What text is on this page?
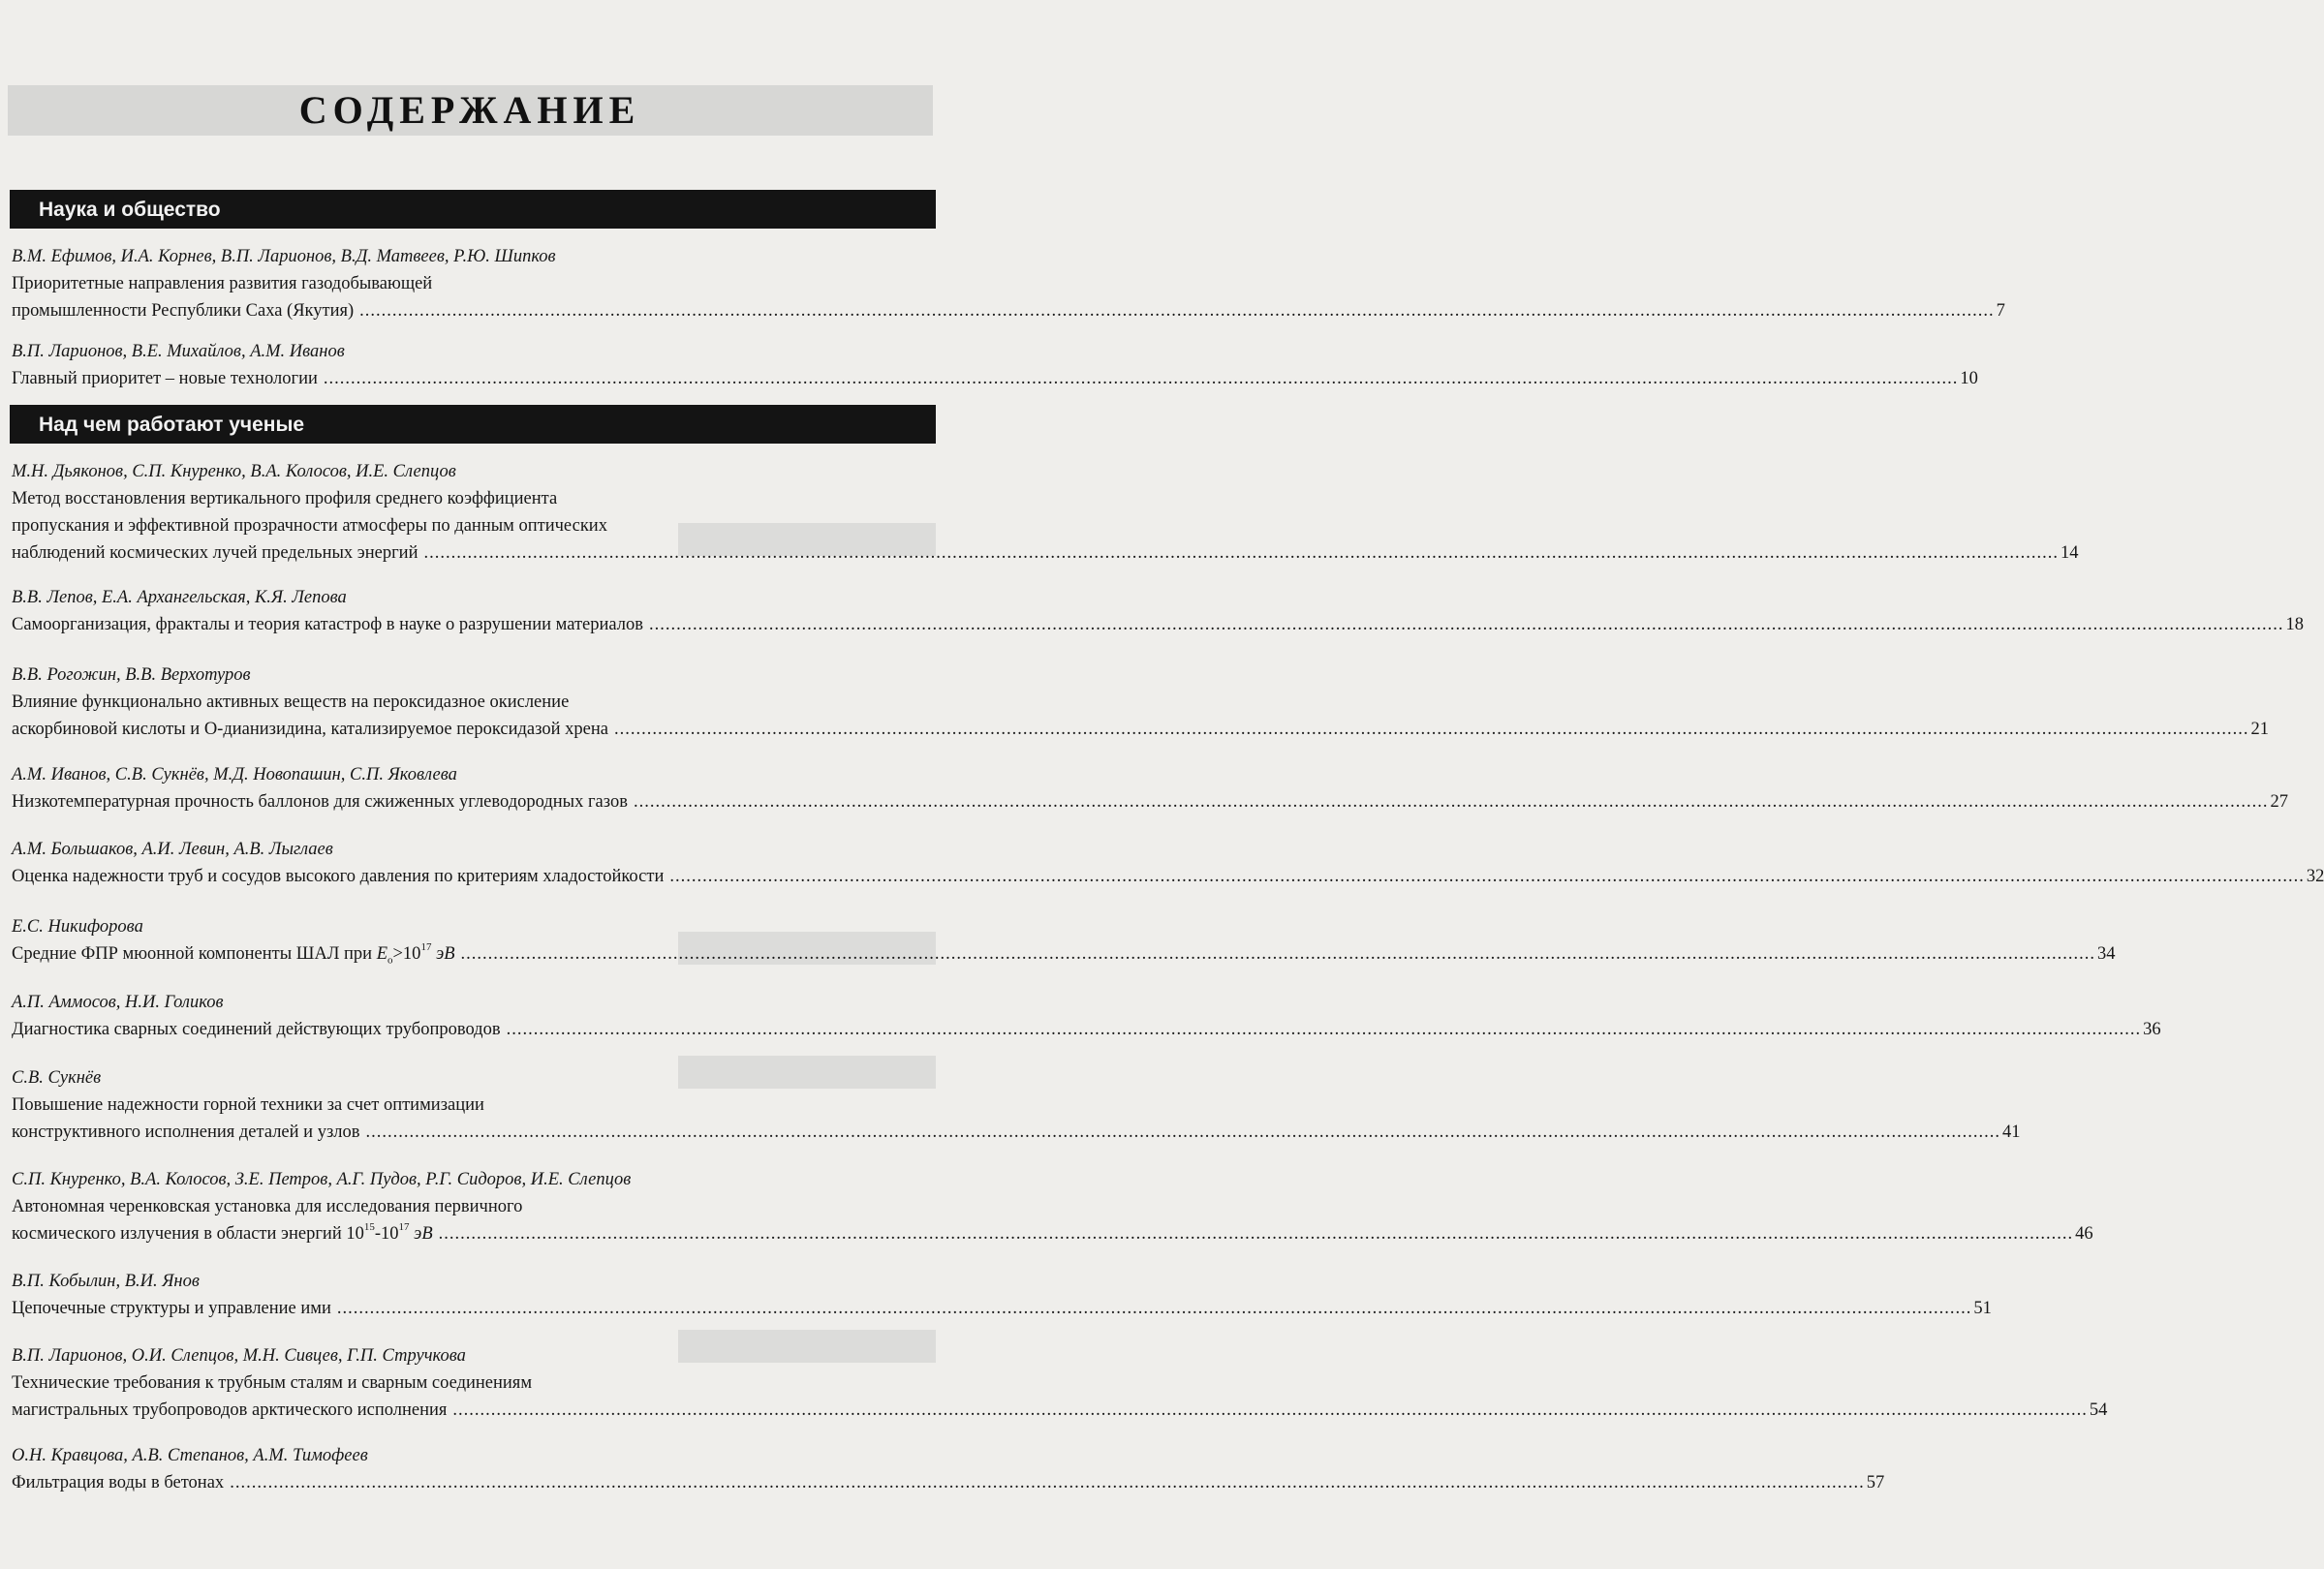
СОДЕРЖАНИЕ
Наука и общество
Над чем работают ученые
В.М. Ефимов, И.А. Корнев, В.П. Ларионов, В.Д. Матвеев, Р.Ю. Шипков
Приоритетные направления развития газодобывающей
промышленности Республики Саха (Якутия) ............................................................................................................................................................................................................................................................................................................ 7
В.П. Ларионов, В.Е. Михайлов, А.М. Иванов
Главный приоритет – новые технологии ............................................................................................................................................................................................................................................................................................................ 10
М.Н. Дьяконов, С.П. Кнуренко, В.А. Колосов, И.Е. Слепцов
Метод восстановления вертикального профиля среднего коэффициента
пропускания и эффективной прозрачности атмосферы по данным оптических
наблюдений космических лучей предельных энергий ............................................................................................................................................................................................................................................................................................................ 14
В.В. Лепов, Е.А. Архангельская, К.Я. Лепова
Самоорганизация, фракталы и теория катастроф в науке о разрушении материалов ............................................................................................................................................................................................................................................................................................................ 18
В.В. Рогожин, В.В. Верхотуров
Влияние функционально активных веществ на пероксидазное окисление
аскорбиновой кислоты и О-дианизидина, катализируемое пероксидазой хрена ............................................................................................................................................................................................................................................................................................................ 21
А.М. Иванов, С.В. Сукнёв, М.Д. Новопашин, С.П. Яковлева
Низкотемпературная прочность баллонов для сжиженных углеводородных газов ............................................................................................................................................................................................................................................................................................................ 27
А.М. Большаков, А.И. Левин, А.В. Лыглаев
Оценка надежности труб и сосудов высокого давления по критериям хладостойкости ............................................................................................................................................................................................................................................................................................................ 32
Е.С. Никифорова
Средние ФПР мюонной компоненты ШАЛ при $E_o>10^{17}$ эВ ............................................................................................................................................................................................................................................................................................................ 34
А.П. Аммосов, Н.И. Голиков
Диагностика сварных соединений действующих трубопроводов ............................................................................................................................................................................................................................................................................................................ 36
С.В. Сукнёв
Повышение надежности горной техники за счет оптимизации
конструктивного исполнения деталей и узлов ............................................................................................................................................................................................................................................................................................................ 41
С.П. Кнуренко, В.А. Колосов, З.Е. Петров, А.Г. Пудов, Р.Г. Сидоров, И.Е. Слепцов
Автономная черенковская установка для исследования первичного
космического излучения в области энергий $10^{15}-10^{17}$ эВ ............................................................................................................................................................................................................................................................................................................ 46
В.П. Кобылин, В.И. Янов
Цепочечные структуры и управление ими ............................................................................................................................................................................................................................................................................................................ 51
В.П. Ларионов, О.И. Слепцов, М.Н. Сивцев, Г.П. Стручкова
Технические требования к трубным сталям и сварным соединениям
магистральных трубопроводов арктического исполнения ............................................................................................................................................................................................................................................................................................................ 54
О.Н. Кравцова, А.В. Степанов, А.М. Тимофеев
Фильтрация воды в бетонах ............................................................................................................................................................................................................................................................................................................ 57
